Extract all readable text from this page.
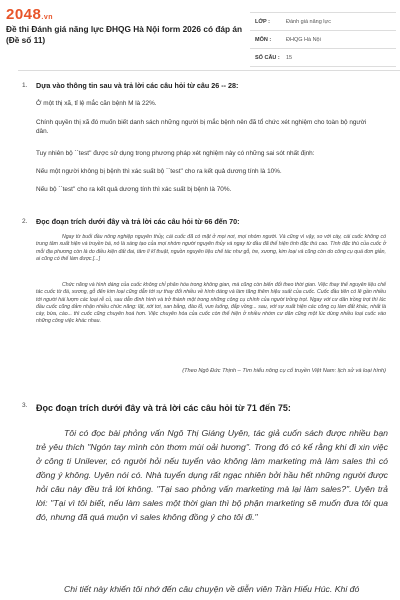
2048.vn
Đề thi Đánh giá năng lực ĐHQG Hà Nội form 2026 có đáp án (Đề số 11)
LỚP :	Đánh giá năng lực
MÔN :	ĐHQG Hà Nội
SỐ CÂU :	15
1. Dựa vào thông tin sau và trả lời các câu hỏi từ câu 26 -- 28:
Ở một thị xã, tỉ lệ mắc căn bệnh M là 22%.
Chính quyền thị xã đó muốn biết danh sách những người bị mắc bệnh nên đã tổ chức xét nghiệm cho toàn bộ người dân.
Tuy nhiên bộ ``test'' được sử dụng trong phương pháp xét nghiệm này có những sai sót nhất định:
Nếu một người không bị bệnh thì xác suất bộ ``test'' cho ra kết quả dương tính là 10%.
Nếu bộ ``test'' cho ra kết quả dương tính thì xác suất bị bệnh là 70%.
2. Đọc đoạn trích dưới đây và trả lời các câu hỏi từ 66 đến 70:
Ngay từ buổi đầu nông nghiệp nguyên thủy, cái cuốc đã có mặt ở mọi nơi, mọi nhóm người. Và cũng vì vậy, so với cày, cái cuốc không có trung tâm xuất hiện và truyền bá, nó là sáng tạo của mọi nhóm người nguyên thủy và ngay từ đầu đã thể hiện tính đặc thù cao. Tính đặc thù của cuốc ở mỗi địa phương còn là do điều kiện đất đai, tâm lí kĩ thuật, nguồn nguyên liệu chế tác như gỗ, tre, xương, kim loại và cũng còn do công cụ quá đơn giản, ai cũng có thể làm được.[...]
Chức năng và hình dáng của cuốc không chỉ phân hóa trong không gian, mà cũng còn biến đổi theo thời gian. Việc thay thế nguyên liệu chế tác cuốc từ đá, xương, gỗ đến kim loại cũng dẫn tới sự thay đổi nhiều về hình dáng và làm tăng thêm hiệu suất của cuốc. Cuốc đầu tiên có lẽ gần nhiều tới người hái lượm các loại rễ củ, sau dẫn đình hình và trở thành một trong những công cụ chính của người trồng trọt. Ngay với cư dân trồng trọt thì lúc đầu cuốc cũng đảm nhận nhiều chức năng: lật, xới tơi, san bằng, đào lỗ, vun luống, đắp vồng... sau, với sự xuất hiện các công cụ làm đất khác, nhất là cày, bừa, cào... thì cuốc cũng chuyên hoá hơn. Việc chuyên hóa của cuốc còn thể hiện ở nhiều nhóm cư dân cũng một lúc dùng nhiều loại cuốc vào những công việc khác nhau.
(Theo Ngô Đức Thịnh – Tìm hiểu nông cụ cổ truyền Việt Nam: lịch sử và loại hình)
3. Đọc đoạn trích dưới đây và trả lời các câu hỏi từ 71 đến 75:
Tôi có đọc bài phỏng vấn Ngô Thị Giáng Uyên, tác giả cuốn sách được nhiều bạn trẻ yêu thích "Ngón tay mình còn thơm mùi oải hương". Trong đó có kể rằng khi đi xin việc ở công ti Unilever, có người hỏi nếu tuyển vào không làm marketing mà làm sales thì có đồng ý không. Uyên nói có. Nhà tuyển dụng rất ngạc nhiên bởi hầu hết những người được hỏi câu này đều trả lời không. "Tại sao phỏng vấn marketing mà lại làm sales?". Uyên trả lời: "Tại vì tôi biết, nếu làm sales một thời gian thì bộ phận marketing sẽ muốn đưa tôi qua đó, nhưng đã quá muộn vì sales không đồng ý cho tôi đi."
Chi tiết này khiến tôi nhớ đến câu chuyện về diễn viên Trần Hiểu Húc. Khi đó
